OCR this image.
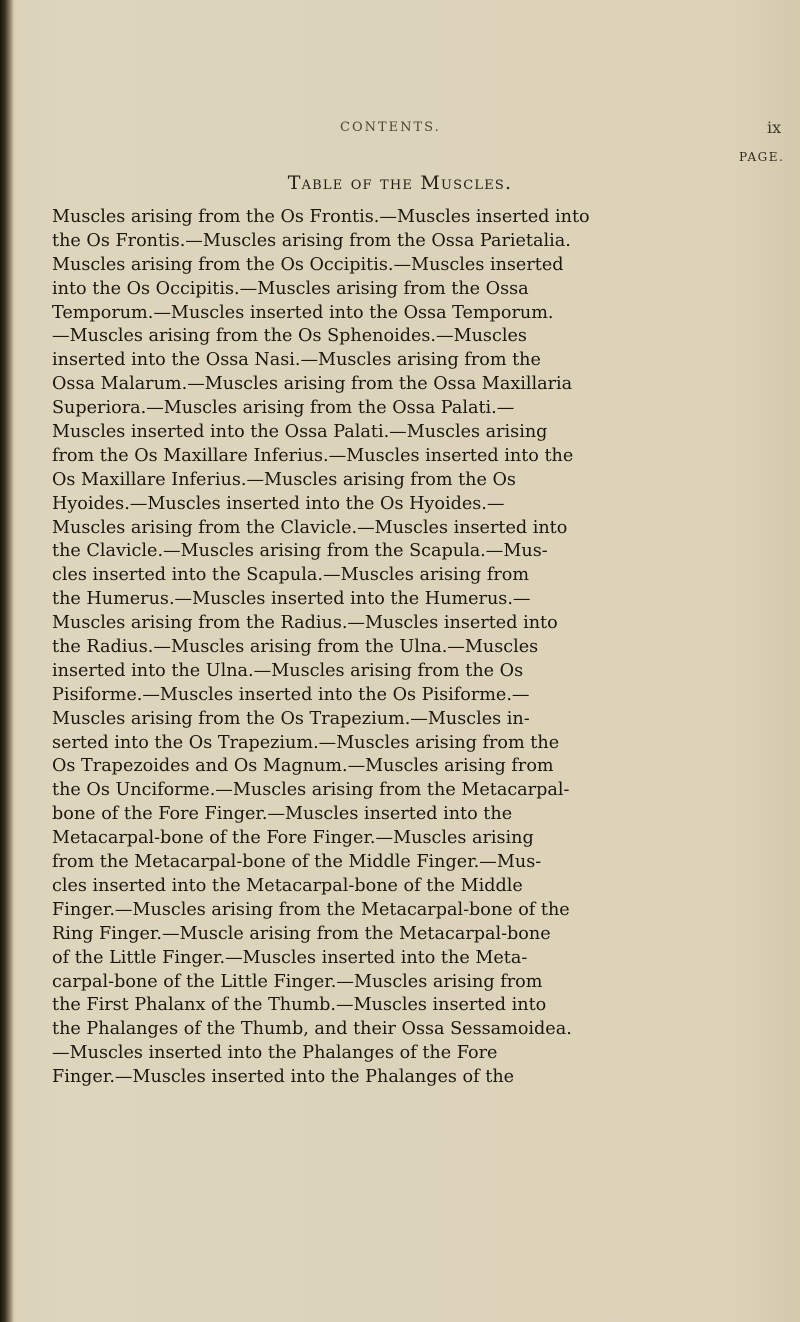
CONTENTS.	ix
PAGE.
Table of the Muscles.
Muscles arising from the Os Frontis.—Muscles inserted into
the Os Frontis.—Muscles arising from the Ossa Parietalia.
Muscles arising from the Os Occipitis.—Muscles inserted
into the Os Occipitis.—Muscles arising from the Ossa
Temporum.—Muscles inserted into the Ossa Temporum.
—Muscles arising from the Os Sphenoides.—Muscles
inserted into the Ossa Nasi.—Muscles arising from the
Ossa Malarum.—Muscles arising from the Ossa Maxillaria
Superiora.—Muscles arising from the Ossa Palati.—
Muscles inserted into the Ossa Palati.—Muscles arising
from the Os Maxillare Inferius.—Muscles inserted into the
Os Maxillare Inferius.—Muscles arising from the Os
Hyoides.—Muscles inserted into the Os Hyoides.—
Muscles arising from the Clavicle.—Muscles inserted into
the Clavicle.—Muscles arising from the Scapula.—Mus-
cles inserted into the Scapula.—Muscles arising from
the Humerus.—Muscles inserted into the Humerus.—
Muscles arising from the Radius.—Muscles inserted into
the Radius.—Muscles arising from the Ulna.—Muscles
inserted into the Ulna.—Muscles arising from the Os
Pisiforme.—Muscles inserted into the Os Pisiforme.—
Muscles arising from the Os Trapezium.—Muscles in-
serted into the Os Trapezium.—Muscles arising from the
Os Trapezoides and Os Magnum.—Muscles arising from
the Os Unciforme.—Muscles arising from the Metacarpal-
bone of the Fore Finger.—Muscles inserted into the
Metacarpal-bone of the Fore Finger.—Muscles arising
from the Metacarpal-bone of the Middle Finger.—Mus-
cles inserted into the Metacarpal-bone of the Middle
Finger.—Muscles arising from the Metacarpal-bone of the
Ring Finger.—Muscle arising from the Metacarpal-bone
of the Little Finger.—Muscles inserted into the Meta-
carpal-bone of the Little Finger.—Muscles arising from
the First Phalanx of the Thumb.—Muscles inserted into
the Phalanges of the Thumb, and their Ossa Sessamoidea.
—Muscles inserted into the Phalanges of the Fore
Finger.—Muscles inserted into the Phalanges of the
